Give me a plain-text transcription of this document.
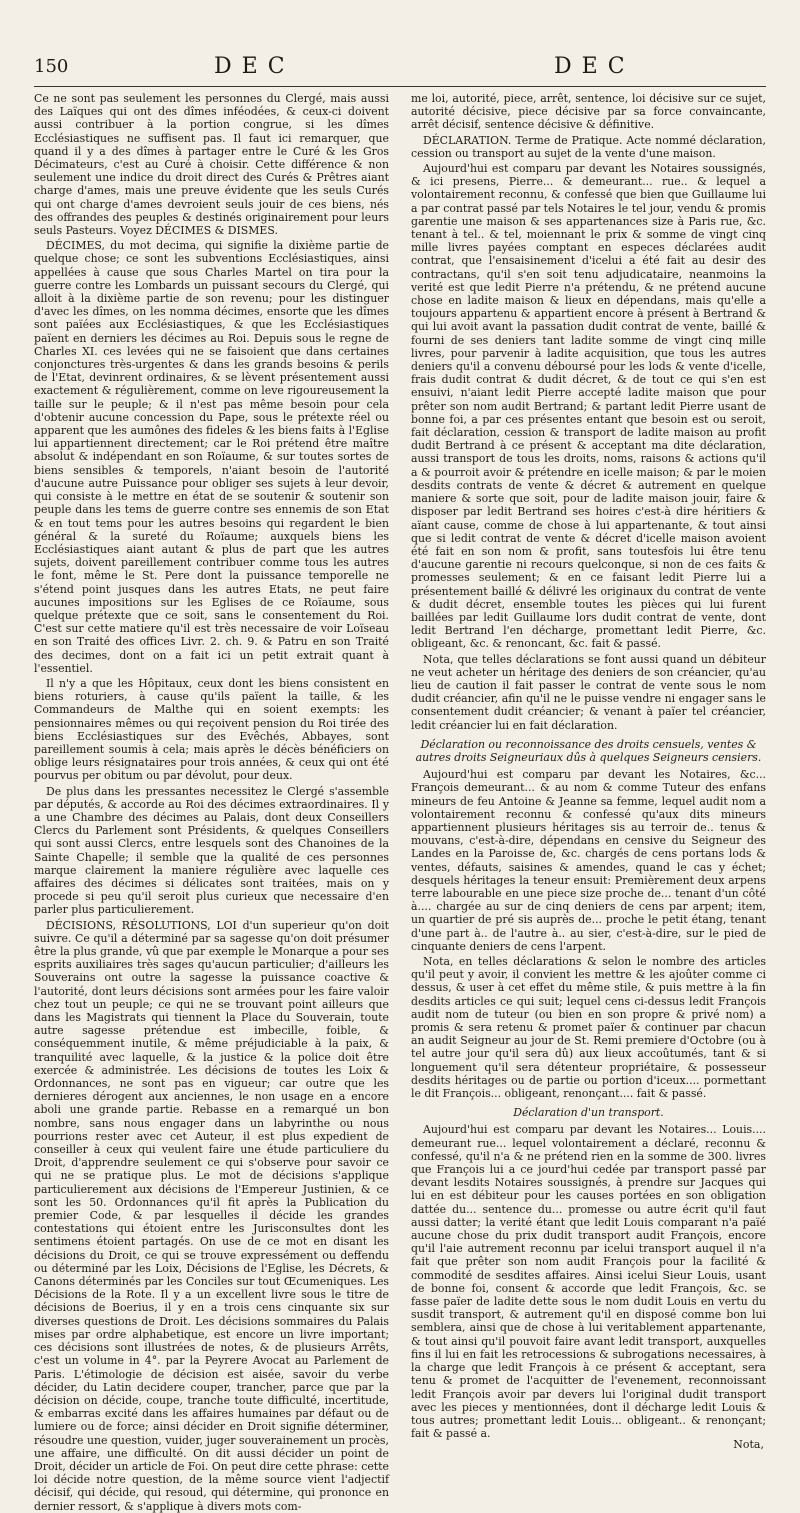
150	DEC	DEC

Ce ne sont pas seulement les personnes du Clergé, mais aussi des Laïques qui ont des dîmes inféodées, & ceux-ci doivent aussi contribuer à la portion congrue, si les dîmes Ecclésiastiques ne suffisent pas. Il faut ici remarquer, que quand il y a des dîmes à partager entre le Curé & les Gros Décimateurs, c'est au Curé à choisir. Cette différence & non seulement une indice du droit direct des Curés & Prêtres aiant charge d'ames, mais une preuve évidente que les seuls Curés qui ont charge d'ames devroient seuls jouir de ces biens, nés des offrandes des peuples & destinés originairement pour leurs seuls Pasteurs. Voyez DÉCIMES & DISMES.

DÉCIMES, du mot decima, qui signifie la dixième partie de quelque chose; ce sont les subventions Ecclésiastiques, ainsi appellées à cause que sous Charles Martel on tira pour la guerre contre les Lombards un puissant secours du Clergé, qui alloit à la dixième partie de son revenu; pour les distinguer d'avec les dîmes, on les nomma décimes, ensorte que les dîmes sont païées aux Ecclésiastiques, & que les Ecclésiastiques païent en derniers les décimes au Roi. Depuis sous le regne de Charles XI. ces levées qui ne se faisoient que dans certaines conjonctures très-urgentes & dans les grands besoins & perils de l'Etat, devinrent ordinaires, & se lèvent présentement aussi exactement & régulièrement, comme on leve rigoureusement la taille sur le peuple; & il n'est pas même besoin pour cela d'obtenir aucune concession du Pape, sous le prétexte réel ou apparent que les aumônes des fideles & les biens faits à l'Eglise lui appartiennent directement; car le Roi prétend être maître absolut & indépendant en son Roïaume, & sur toutes sortes de biens sensibles & temporels, n'aiant besoin de l'autorité d'aucune autre Puissance pour obliger ses sujets à leur devoir, qui consiste à le mettre en état de se soutenir & soutenir son peuple dans les tems de guerre contre ses ennemis de son Etat & en tout tems pour les autres besoins qui regardent le bien général & la sureté du Roïaume; auxquels biens les Ecclésiastiques aiant autant & plus de part que les autres sujets, doivent pareillement contribuer comme tous les autres le font, même le St. Pere dont la puissance temporelle ne s'étend point jusques dans les autres Etats, ne peut faire aucunes impositions sur les Eglises de ce Roïaume, sous quelque prétexte que ce soit, sans le consentement du Roi. C'est sur cette matiere qu'il est très necessaire de voir Loïseau en son Traité des offices Livr. 2. ch. 9. & Patru en son Traité des decimes, dont on a fait ici un petit extrait quant à l'essentiel.

Il n'y a que les Hôpitaux, ceux dont les biens consistent en biens roturiers, à cause qu'ils païent la taille, & les Commandeurs de Malthe qui en soient exempts: les pensionnaires mêmes ou qui reçoivent pension du Roi tirée des biens Ecclésiastiques sur des Evêchés, Abbayes, sont pareillement soumis à cela; mais après le décès bénéficiers on oblige leurs résignataires pour trois années, & ceux qui ont été pourvus per obitum ou par dévolut, pour deux.

De plus dans les pressantes necessitez le Clergé s'assemble par députés, & accorde au Roi des décimes extraordinaires. Il y a une Chambre des décimes au Palais, dont deux Conseillers Clercs du Parlement sont Présidents, & quelques Conseillers qui sont aussi Clercs, entre lesquels sont des Chanoines de la Sainte Chapelle; il semble que la qualité de ces personnes marque clairement la maniere régulière avec laquelle ces affaires des décimes si délicates sont traitées, mais on y procede si peu qu'il seroit plus curieux que necessaire d'en parler plus particulierement.

DÉCISIONS, RÉSOLUTIONS, LOI d'un superieur qu'on doit suivre. Ce qu'il a déterminé par sa sagesse qu'on doit présumer être la plus grande, vû que par exemple le Monarque a pour ses esprits auxiliaires très sages qu'aucun particulier; d'ailleurs les Souverains ont outre la sagesse la puissance coactive & l'autorité, dont leurs décisions sont armées pour les faire valoir chez tout un peuple; ce qui ne se trouvant point ailleurs que dans les Magistrats qui tiennent la Place du Souverain, toute autre sagesse prétendue est imbecille, foible, & conséquemment inutile, & même préjudiciable à la paix, & tranquilité avec laquelle, & la justice & la police doit être exercée & administrée. Les décisions de toutes les Loix & Ordonnances, ne sont pas en vigueur; car outre que les dernieres dérogent aux anciennes, le non usage en a encore aboli une grande partie. Rebasse en a remarqué un bon nombre, sans nous engager dans un labyrinthe ou nous pourrions rester avec cet Auteur, il est plus expedient de conseiller à ceux qui veulent faire une étude particuliere du Droit, d'apprendre seulement ce qui s'observe pour savoir ce qui ne se pratique plus. Le mot de décisions s'applique particulierement aux décisions de l'Empereur Justinien, & ce sont les 50. Ordonnances qu'il fit après la Publication du premier Code, & par lesquelles il décide les grandes contestations qui étoient entre les Jurisconsultes dont les sentimens étoient partagés. On use de ce mot en disant les décisions du Droit, ce qui se trouve expressément ou deffendu ou déterminé par les Loix, Décisions de l'Eglise, les Décrets, & Canons déterminés par les Conciles sur tout Œcumeniques. Les Décisions de la Rote. Il y a un excellent livre sous le titre de décisions de Boerius, il y en a trois cens cinquante six sur diverses questions de Droit. Les décisions sommaires du Palais mises par ordre alphabetique, est encore un livre important; ces décisions sont illustrées de notes, & de plusieurs Arrêts, c'est un volume in 4°. par la Peyrere Avocat au Parlement de Paris. L'étimologie de décision est aisée, savoir du verbe décider, du Latin decidere couper, trancher, parce que par la décision on décide, coupe, tranche toute difficulté, incertitude, & embarras excité dans les affaires humaines par défaut ou de lumiere ou de force; ainsi décider en Droit signifie déterminer, résoudre une question, vuider, juger souverainement un procès, une affaire, une difficulté. On dit aussi décider un point de Droit, décider un article de Foi. On peut dire cette phrase: cette loi décide notre question, de la même source vient l'adjectif décisif, qui décide, qui resoud, qui détermine, qui prononce en dernier ressort, & s'applique à divers mots com-

me loi, autorité, piece, arrêt, sentence, loi décisive sur ce sujet, autorité décisive, piece décisive par sa force convaincante, arrêt décisif, sentence décisive & définitive.

DÉCLARATION. Terme de Pratique. Acte nommé déclaration, cession ou transport au sujet de la vente d'une maison.

Aujourd'hui est comparu par devant les Notaires soussignés, & ici presens, Pierre... & demeurant... rue.. & lequel a volontairement reconnu, & confessé que bien que Guillaume lui a par contrat passé par tels Notaires le tel jour, vendu & promis garentie une maison & ses appartenances size à Paris rue, &c. tenant à tel.. & tel, moiennant le prix & somme de vingt cinq mille livres payées comptant en especes déclarées audit contrat, que l'ensaisinement d'icelui a été fait au desir des contractans, qu'il s'en soit tenu adjudicataire, neanmoins la verité est que ledit Pierre n'a prétendu, & ne prétend aucune chose en ladite maison & lieux en dépendans, mais qu'elle a toujours appartenu & appartient encore à présent à Bertrand & qui lui avoit avant la passation dudit contrat de vente, baillé & fourni de ses deniers tant ladite somme de vingt cinq mille livres, pour parvenir à ladite acquisition, que tous les autres deniers qu'il a convenu déboursé pour les lods & vente d'icelle, frais dudit contrat & dudit décret, & de tout ce qui s'en est ensuivi, n'aiant ledit Pierre accepté ladite maison que pour prêter son nom audit Bertrand; & partant ledit Pierre usant de bonne foi, a par ces présentes entant que besoin est ou seroit, fait déclaration, cession & transport de ladite maison au profit dudit Bertrand à ce présent & acceptant ma dite déclaration, aussi transport de tous les droits, noms, raisons & actions qu'il a & pourroit avoir & prétendre en icelle maison; & par le moien desdits contrats de vente & décret & autrement en quelque maniere & sorte que soit, pour de ladite maison jouir, faire & disposer par ledit Bertrand ses hoires c'est-à dire héritiers & aïant cause, comme de chose à lui appartenante, & tout ainsi que si ledit contrat de vente & décret d'icelle maison avoient été fait en son nom & profit, sans toutesfois lui être tenu d'aucune garentie ni recours quelconque, si non de ces faits & promesses seulement; & en ce faisant ledit Pierre lui a présentement baillé & délivré les originaux du contrat de vente & dudit décret, ensemble toutes les pièces qui lui furent baillées par ledit Guillaume lors dudit contrat de vente, dont ledit Bertrand l'en décharge, promettant ledit Pierre, &c. obligeant, &c. & renoncant, &c. fait & passé.

Nota, que telles déclarations se font aussi quand un débiteur ne veut acheter un héritage des deniers de son créancier, qu'au lieu de caution il fait passer le contrat de vente sous le nom dudit créancier, afin qu'il ne le puisse vendre ni engager sans le consentement dudit créancier; & venant à païer tel créancier, ledit créancier lui en fait déclaration.

Déclaration ou reconnoissance des droits censuels, ventes & autres droits Seigneuriaux dûs à quelques Seigneurs censiers.

Aujourd'hui est comparu par devant les Notaires, &c... François demeurant... & au nom & comme Tuteur des enfans mineurs de feu Antoine & Jeanne sa femme, lequel audit nom a volontairement reconnu & confessé qu'aux dits mineurs appartiennent plusieurs héritages sis au terroir de.. tenus & mouvans, c'est-à-dire, dépendans en censive du Seigneur des Landes en la Paroisse de, &c. chargés de cens portans lods & ventes, défauts, saisines & amendes, quand le cas y échet; desquels héritages la teneur ensuit: Premièrement deux arpens terre labourable en une piece size proche de... tenant d'un côté à.... chargée au sur de cinq deniers de cens par arpent; item, un quartier de pré sis auprès de... proche le petit étang, tenant d'une part à.. de l'autre à.. au sier, c'est-à-dire, sur le pied de cinquante deniers de cens l'arpent.

Nota, en telles déclarations & selon le nombre des articles qu'il peut y avoir, il convient les mettre & les ajoûter comme ci dessus, & user à cet effet du même stile, & puis mettre à la fin desdits articles ce qui suit; lequel cens ci-dessus ledit François audit nom de tuteur (ou bien en son propre & privé nom) a promis & sera retenu & promet païer & continuer par chacun an audit Seigneur au jour de St. Remi premiere d'Octobre (ou à tel autre jour qu'il sera dû) aux lieux accoûtumés, tant & si longuement qu'il sera détenteur propriétaire, & possesseur desdits héritages ou de partie ou portion d'iceux.... pormettant le dit François... obligeant, renonçant.... fait & passé.

Déclaration d'un transport.

Aujourd'hui est comparu par devant les Notaires... Louis.... demeurant rue... lequel volontairement a déclaré, reconnu & confessé, qu'il n'a & ne prétend rien en la somme de 300. livres que François lui a ce jourd'hui cedée par transport passé par devant lesdits Notaires soussignés, à prendre sur Jacques qui lui en est débiteur pour les causes portées en son obligation dattée du... sentence du... promesse ou autre écrit qu'il faut aussi datter; la verité étant que ledit Louis comparant n'a païé aucune chose du prix dudit transport audit François, encore qu'il l'aie autrement reconnu par icelui transport auquel il n'a fait que prêter son nom audit François pour la facilité & commodité de sesdites affaires. Ainsi icelui Sieur Louis, usant de bonne foi, consent & accorde que ledit François, &c. se fasse païer de ladite dette sous le nom dudit Louis en vertu du susdit transport, & autrement qu'il en disposé comme bon lui semblera, ainsi que de chose à lui veritablement appartenante, & tout ainsi qu'il pouvoit faire avant ledit transport, auxquelles fins il lui en fait les retrocessions & subrogations necessaires, à la charge que ledit François à ce présent & acceptant, sera tenu & promet de l'acquitter de l'evenement, reconnoissant ledit François avoir par devers lui l'original dudit transport avec les pieces y mentionnées, dont il décharge ledit Louis & tous autres; promettant ledit Louis... obligeant.. & renonçant; fait & passé a.

Nota,
